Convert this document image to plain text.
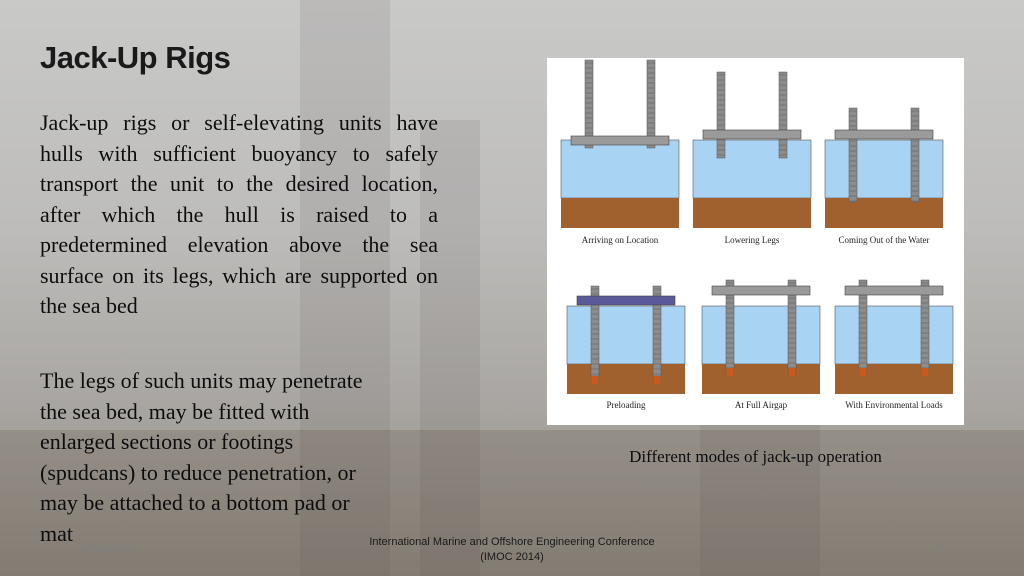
Jack-Up Rigs
Jack-up rigs or self-elevating units have hulls with sufficient buoyancy to safely transport the unit to the desired location, after which the hull is raised to a predetermined elevation above the sea surface on its legs, which are supported on the sea bed
The legs of such units may penetrate the sea bed, may be fitted with enlarged sections or footings (spudcans) to reduce penetration, or may be attached to a bottom pad or mat
Arriving on Location	Lowering Legs	Coming Out of the Water
Preloading	At Full Airgap	With Environmental Loads
Different modes of jack-up operation
14/10/2014
International Marine and Offshore Engineering Conference
(IMOC 2014)
5
